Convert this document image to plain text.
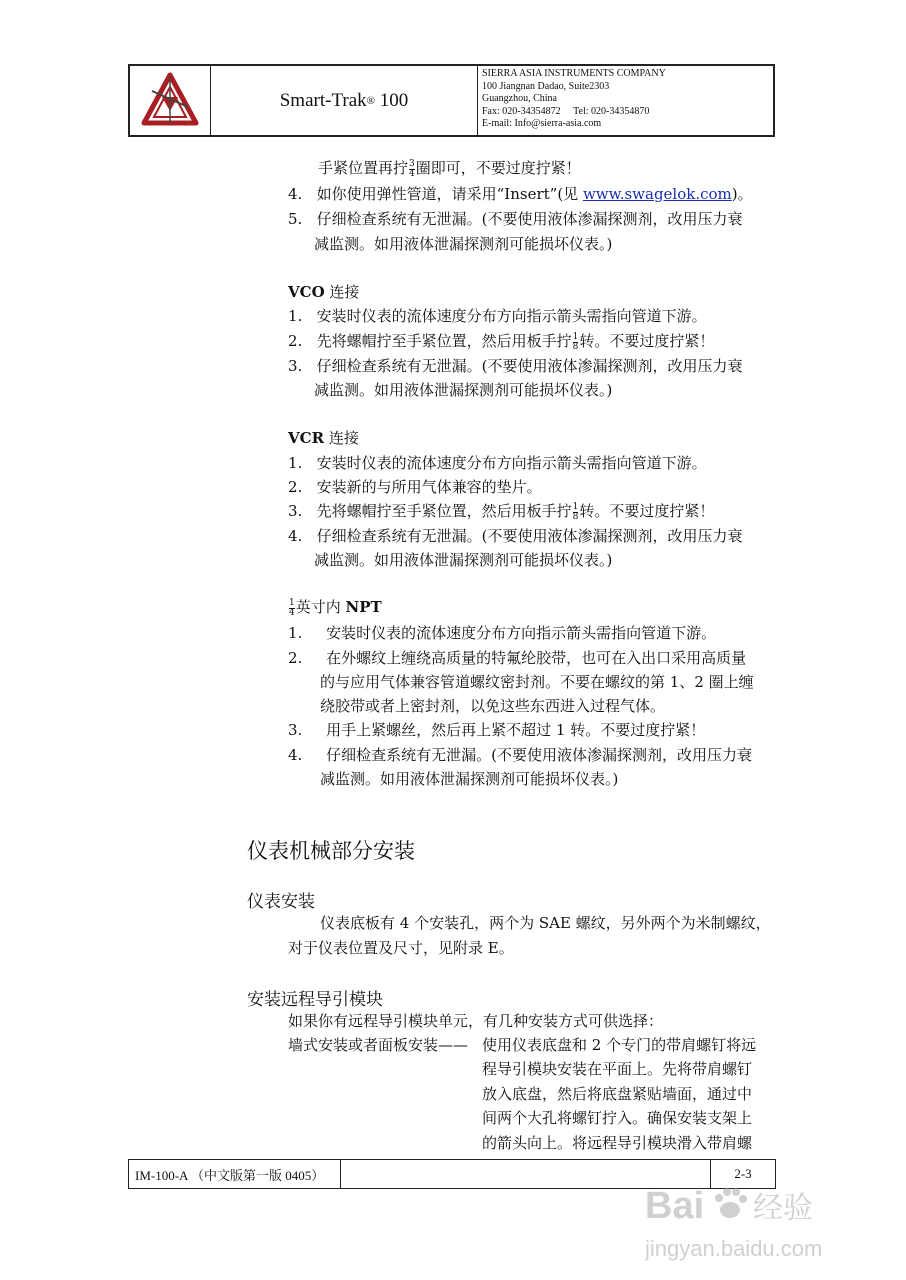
Smart-Trak ®
100
SIERRA ASIA INSTRUMENTS COMPANY
100 Jiangnan Dadao, Suite2303
Guangzhou, China
Fax: 020-34354872 Tel: 020-34354870
E-mail: Info@sierra-asia.com
手紧位置再拧 $\frac{3}{4}$ 圈即可，不要过度拧紧！
4. 如你使用弹性管道，请采用“Insert”(见 www.swagelok.com)。
5. 仔细检查系统有无泄漏。(不要使用液体渗漏探测剂，改用压力衰
减监测。如用液体泄漏探测剂可能损坏仪表。)
VCO 连接
1. 安装时仪表的流体速度分布方向指示箭头需指向管道下游。
2. 先将螺帽拧至手紧位置，然后用板手拧 $\frac{1}{8}$ 转。不要过度拧紧！
3. 仔细检查系统有无泄漏。(不要使用液体渗漏探测剂，改用压力衰
减监测。如用液体泄漏探测剂可能损坏仪表。)
VCR 连接
1. 安装时仪表的流体速度分布方向指示箭头需指向管道下游。
2. 安装新的与所用气体兼容的垫片。
3. 先将螺帽拧至手紧位置，然后用板手拧 $\frac{1}{8}$ 转。不要过度拧紧！
4. 仔细检查系统有无泄漏。(不要使用液体渗漏探测剂，改用压力衰
减监测。如用液体泄漏探测剂可能损坏仪表。)
$\frac{1}{4}$ 英寸内 NPT
1. 安装时仪表的流体速度分布方向指示箭头需指向管道下游。
2. 在外螺纹上缠绕高质量的特氟纶胶带，也可在入出口采用高质量
的与应用气体兼容管道螺纹密封剂。不要在螺纹的第 1、2 圈上缠
绕胶带或者上密封剂，以免这些东西进入过程气体。
3. 用手上紧螺丝，然后再上紧不超过 1 转。不要过度拧紧！
4. 仔细检查系统有无泄漏。(不要使用液体渗漏探测剂，改用压力衰
减监测。如用液体泄漏探测剂可能损坏仪表。)
仪表机械部分安装
仪表安装
仪表底板有 4 个安装孔，两个为 SAE 螺纹，另外两个为米制螺纹，
对于仪表位置及尺寸，见附录 E。
安装远程导引模块
如果你有远程导引模块单元，有几种安装方式可供选择：
墙式安装或者面板安装—— 使用仪表底盘和 2 个专门的带肩螺钉将远
程导引模块安装在平面上。先将带肩螺钉
放入底盘，然后将底盘紧贴墙面，通过中
间两个大孔将螺钉拧入。确保安装支架上
的箭头向上。将远程导引模块滑入带肩螺
IM-100-A （中文版第一版 0405）	2-3
Bai 经验
jingyan.baidu.com
